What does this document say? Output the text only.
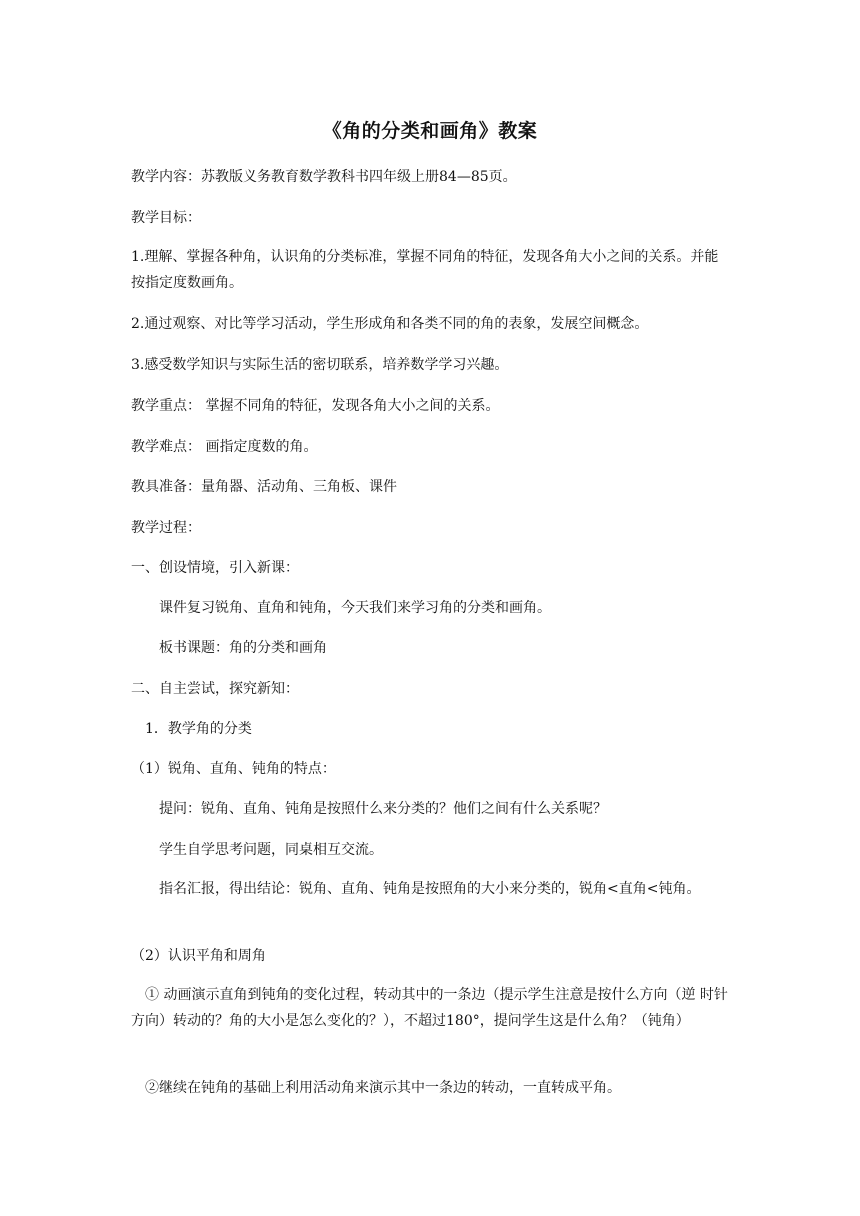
《角的分类和画角》教案
教学内容：苏教版义务教育数学教科书四年级上册84—85页。
教学目标：
1.理解、掌握各种角，认识角的分类标准，掌握不同角的特征，发现各角大小之间的关系。并能按指定度数画角。
2.通过观察、对比等学习活动，学生形成角和各类不同的角的表象，发展空间概念。
3.感受数学知识与实际生活的密切联系，培养数学学习兴趣。
教学重点： 掌握不同角的特征，发现各角大小之间的关系。
教学难点： 画指定度数的角。
教具准备：量角器、活动角、三角板、课件
教学过程：
一、创设情境，引入新课：
课件复习锐角、直角和钝角，今天我们来学习角的分类和画角。
板书课题：角的分类和画角
二、自主尝试，探究新知：
1．教学角的分类
（1）锐角、直角、钝角的特点：
提问：锐角、直角、钝角是按照什么来分类的？他们之间有什么关系呢？
学生自学思考问题，同桌相互交流。
指名汇报，得出结论：锐角、直角、钝角是按照角的大小来分类的，锐角<直角<钝角。
（2）认识平角和周角
① 动画演示直角到钝角的变化过程，转动其中的一条边（提示学生注意是按什么方向（逆 时针方向）转动的？角的大小是怎么变化的？），不超过180°，提问学生这是什么角？（钝角）
②继续在钝角的基础上利用活动角来演示其中一条边的转动，一直转成平角。
